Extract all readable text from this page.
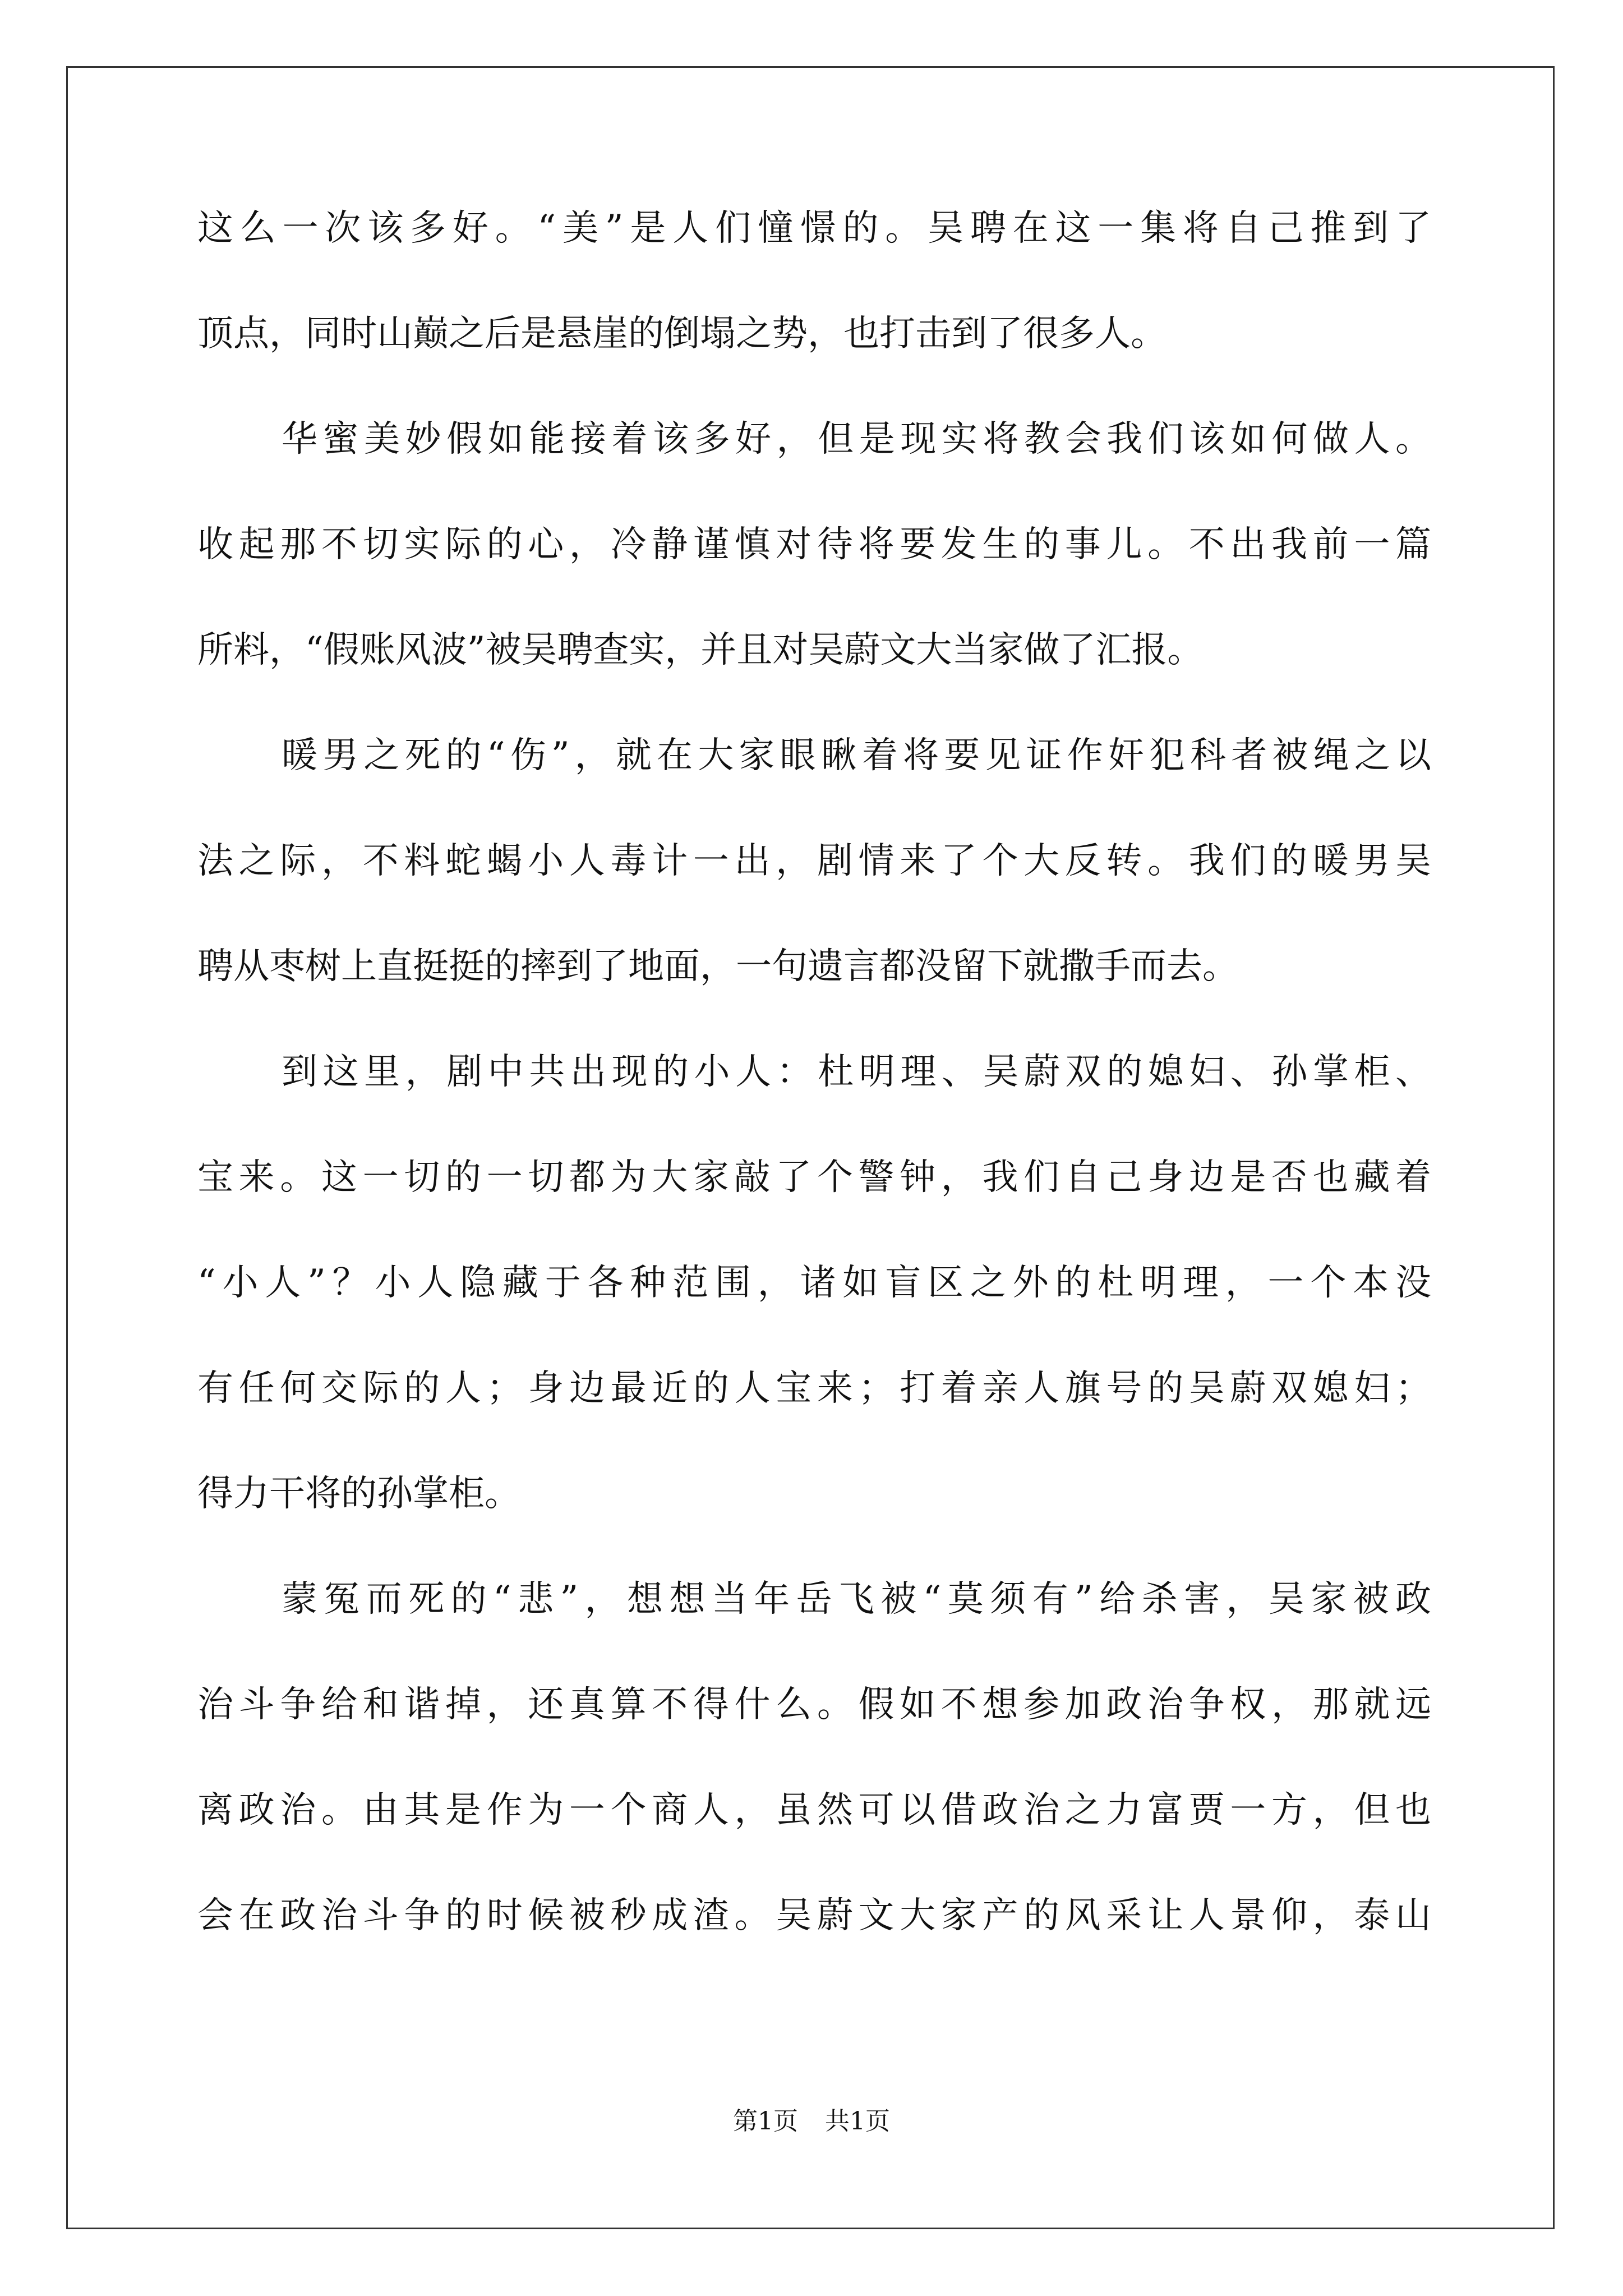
这么一次该多好。“美”是人们憧憬的。吴聘在这一集将自己推到了
顶点，同时山巅之后是悬崖的倒塌之势，也打击到了很多人。
华蜜美妙假如能接着该多好，但是现实将教会我们该如何做人。
收起那不切实际的心，冷静谨慎对待将要发生的事儿。不出我前一篇
所料，“假账风波”被吴聘查实，并且对吴蔚文大当家做了汇报。
暖男之死的“伤”，就在大家眼瞅着将要见证作奸犯科者被绳之以
法之际，不料蛇蝎小人毒计一出，剧情来了个大反转。我们的暖男吴
聘从枣树上直挺挺的摔到了地面，一句遗言都没留下就撒手而去。
到这里，剧中共出现的小人：杜明理、吴蔚双的媳妇、孙掌柜、
宝来。这一切的一切都为大家敲了个警钟，我们自己身边是否也藏着
“小人”？小人隐藏于各种范围，诸如盲区之外的杜明理，一个本没
有任何交际的人；身边最近的人宝来；打着亲人旗号的吴蔚双媳妇；
得力干将的孙掌柜。
蒙冤而死的“悲”，想想当年岳飞被“莫须有”给杀害，吴家被政
治斗争给和谐掉，还真算不得什么。假如不想参加政治争权，那就远
离政治。由其是作为一个商人，虽然可以借政治之力富贾一方，但也
会在政治斗争的时候被秒成渣。吴蔚文大家产的风采让人景仰，泰山
第1页 共1页
